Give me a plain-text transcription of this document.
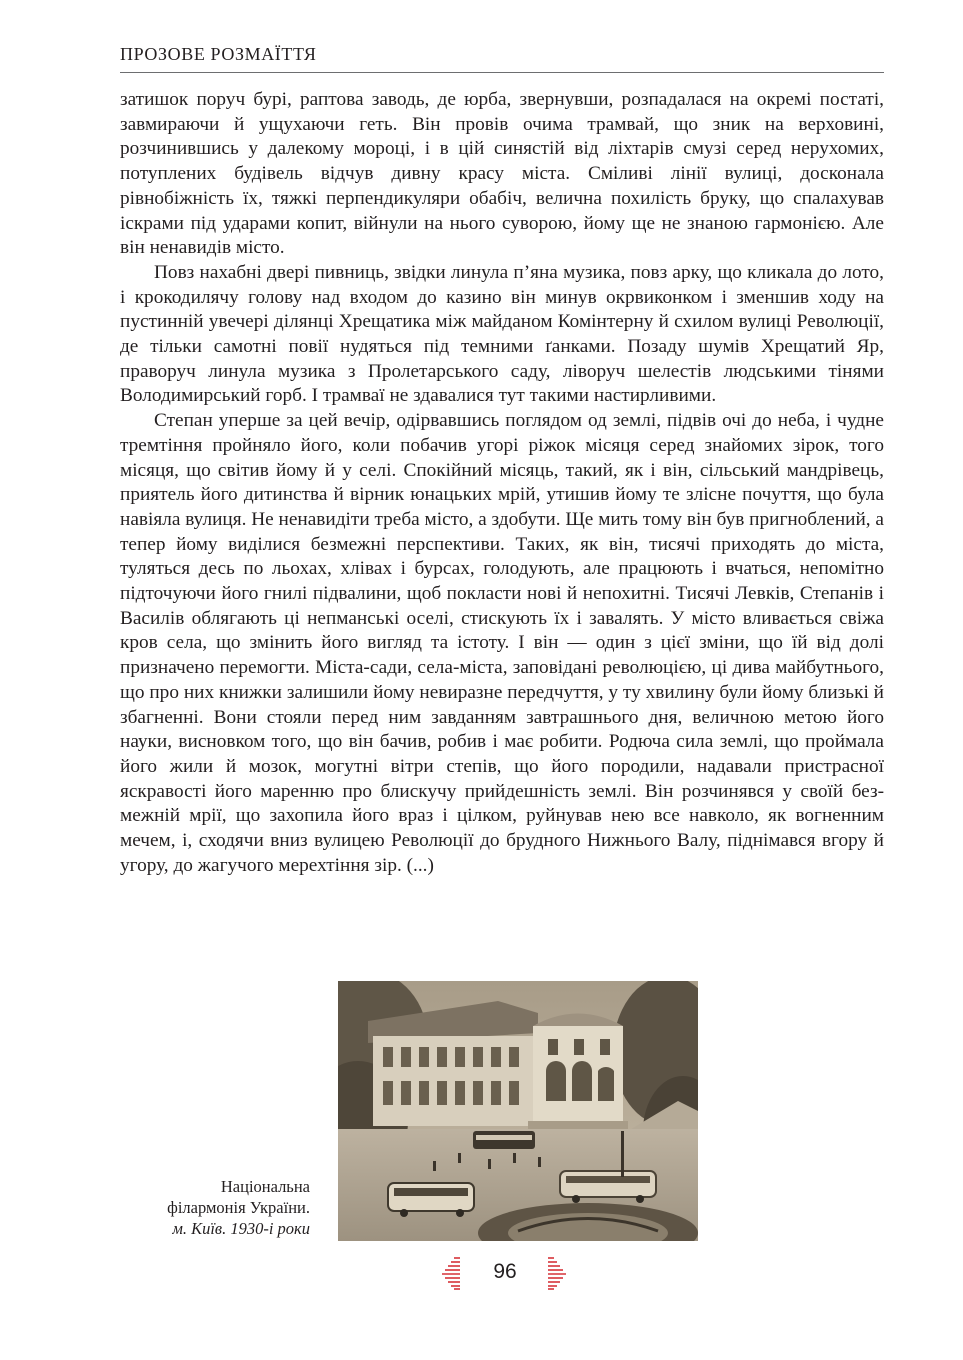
ПРОЗОВЕ РОЗМАЇТТЯ

затишок поруч бурі, раптова заводь, де юрба, звернувши, розпадалася на окремі постаті, завмираючи й ущухаючи геть. Він провів очима трамвай, що зник на верховині, розчинившись у далекому мороці, і в цій синястій від ліхтарів смузі серед нерухомих, потуплених будівель відчув дивну красу міста. Сміливі лінії вулиці, досконала рівнобіжність їх, тяжкі перпендикуляри обабіч, велична похилість бруку, що спалахував іскрами під ударами копит, війнули на нього суворою, йому ще не знаною гармонією. Але він ненавидів місто.

Повз нахабні двері пивниць, звідки линула п’яна музика, повз арку, що кликала до лото, і крокодилячу голову над входом до казино він минув окрвиконком і зменшив ходу на пустинній увечері ділянці Хрещатика між майданом Комінтерну й схилом вулиці Революції, де тільки самотні повії нудяться під темними ґанками. Позаду шумів Хрещатий Яр, праворуч линула музика з Пролетарського саду, ліворуч шелестів людськими тінями Володимирський горб. І трамваї не здавалися тут такими настирливими.

Степан уперше за цей вечір, одірвавшись поглядом од землі, підвів очі до неба, і чудне тремтіння пройняло його, коли побачив угорі ріжок місяця серед знайомих зірок, того місяця, що світив йому й у селі. Спокійний місяць, такий, як і він, сільський мандрівець, приятель його дитинства й вірник юнацьких мрій, утишив йому те злісне почуття, що була навіяла вулиця. Не ненавидіти треба місто, а здобути. Ще мить тому він був пригноблений, а тепер йому виділися безмежні перспективи. Таких, як він, тисячі приходять до міста, туляться десь по льохах, хлівах і бурсах, голодують, але працюють і вчаться, непомітно підточуючи його гнилі підвалини, щоб покласти нові й непохитні. Тисячі Левків, Степанів і Василів облягають ці непманські оселі, стискують їх і завалять. У місто вливається свіжа кров села, що змінить його вигляд та істоту. І він — один з цієї зміни, що їй від долі призначено перемогти. Міста-сади, села-міста, заповідані революцією, ці дива майбутнього, що про них книжки залишили йому невиразне передчуття, у ту хвилину були йому близькі й збагненні. Вони стояли перед ним завданням завтрашнього дня, величною метою його науки, висновком того, що він бачив, робив і має робити. Родюча сила землі, що проймала його жили й мозок, могутні вітри степів, що його породили, надавали пристрасної яскравості його маренню про блискучу прийдешність землі. Він розчинявся у своїй безмежній мрії, що захопила його враз і цілком, руйнував нею все навколо, як вогненним мечем, і, сходячи вниз вулицею Революції до брудного Нижнього Валу, піднімався вгору й угору, до жагучого мерехтіння зір. (...)

Національна
філармонія України.
м. Київ. 1930-і роки
96
